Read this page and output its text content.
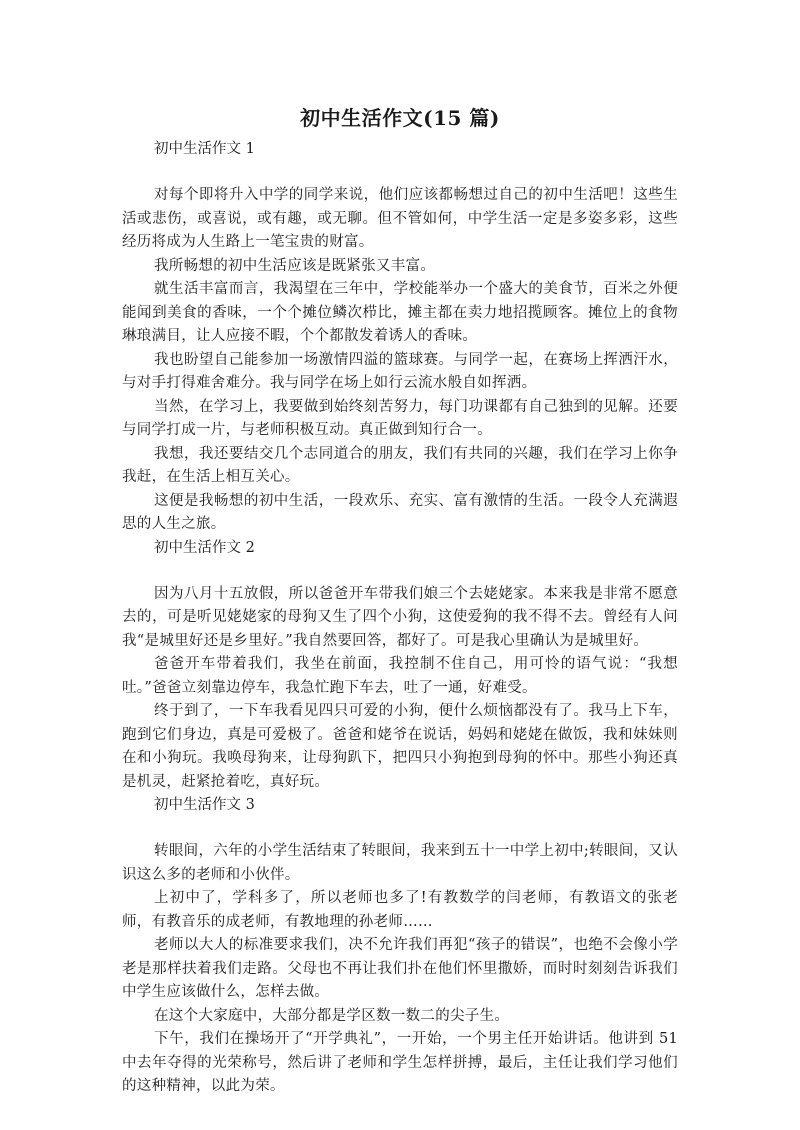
初中生活作文(15 篇)

初中生活作文 1

对每个即将升入中学的同学来说，他们应该都畅想过自己的初中生活吧！这些生活或悲伤，或喜说，或有趣，或无聊。但不管如何，中学生活一定是多姿多彩，这些经历将成为人生路上一笔宝贵的财富。

我所畅想的初中生活应该是既紧张又丰富。

就生活丰富而言，我渴望在三年中，学校能举办一个盛大的美食节，百米之外便能闻到美食的香味，一个个摊位鳞次栉比，摊主都在卖力地招揽顾客。摊位上的食物琳琅满目，让人应接不暇，个个都散发着诱人的香味。

我也盼望自己能参加一场激情四溢的篮球赛。与同学一起，在赛场上挥洒汗水，与对手打得难舍难分。我与同学在场上如行云流水般自如挥洒。

当然，在学习上，我要做到始终刻苦努力，每门功课都有自己独到的见解。还要与同学打成一片，与老师积极互动。真正做到知行合一。

我想，我还要结交几个志同道合的朋友，我们有共同的兴趣，我们在学习上你争我赶，在生活上相互关心。

这便是我畅想的初中生活，一段欢乐、充实、富有激情的生活。一段令人充满遐思的人生之旅。

初中生活作文 2

因为八月十五放假，所以爸爸开车带我们娘三个去姥姥家。本来我是非常不愿意去的，可是听见姥姥家的母狗又生了四个小狗，这使爱狗的我不得不去。曾经有人问我“是城里好还是乡里好。”我自然要回答，都好了。可是我心里确认为是城里好。

爸爸开车带着我们，我坐在前面，我控制不住自己，用可怜的语气说：“我想吐。”爸爸立刻靠边停车，我急忙跑下车去，吐了一通，好难受。

终于到了，一下车我看见四只可爱的小狗，便什么烦恼都没有了。我马上下车，跑到它们身边，真是可爱极了。爸爸和姥爷在说话，妈妈和姥姥在做饭，我和妹妹则在和小狗玩。我唤母狗来，让母狗趴下，把四只小狗抱到母狗的怀中。那些小狗还真是机灵，赶紧抢着吃，真好玩。

初中生活作文 3

转眼间，六年的小学生活结束了转眼间，我来到五十一中学上初中;转眼间，又认识这么多的老师和小伙伴。

上初中了，学科多了，所以老师也多了!有教数学的闫老师，有教语文的张老师，有教音乐的成老师，有教地理的孙老师……

老师以大人的标准要求我们，决不允许我们再犯“孩子的错误”，也绝不会像小学老是那样扶着我们走路。父母也不再让我们扑在他们怀里撒娇，而时时刻刻告诉我们中学生应该做什么，怎样去做。

在这个大家庭中，大部分都是学区数一数二的尖子生。

下午，我们在操场开了“开学典礼”，一开始，一个男主任开始讲话。他讲到 51 中去年夺得的光荣称号，然后讲了老师和学生怎样拼搏，最后，主任让我们学习他们的这种精神，以此为荣。
